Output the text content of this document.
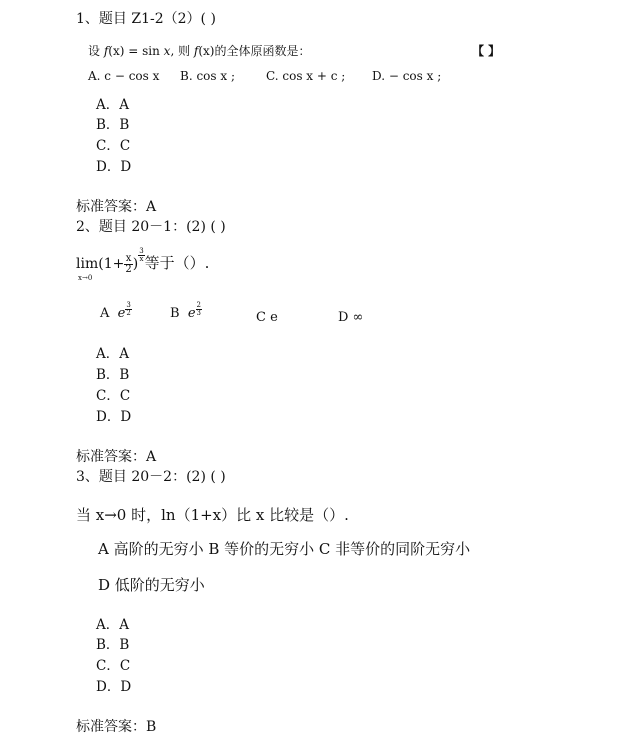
1、题目 Z1-2（2）( )
设 f(x) = sin x, 则 f(x)的全体原函数是：	【 】
A. c − cos x B. cos x ;	C. cos x + c ; D. − cos x ;
A．A
B．B
C．C
D．D
标准答案：A
2、题目 20－1：(2) ( )
lim
x→0
($1+ \frac{x}{2}$ )
$\frac{3}{x}$ 等于（）.
A e $\frac{3}{2}$	B e $\frac{2}{3}$
C e	D ∞
A．A
B．B
C．C
D．D
标准答案：A
3、题目 20－2：(2) ( )
当 x→0 时，ln（1+x）比 x 比较是（）.
A 高阶的无穷小 B 等价的无穷小 C 非等价的同阶无穷小
D 低阶的无穷小
A．A
B．B
C．C
D．D
标准答案：B
